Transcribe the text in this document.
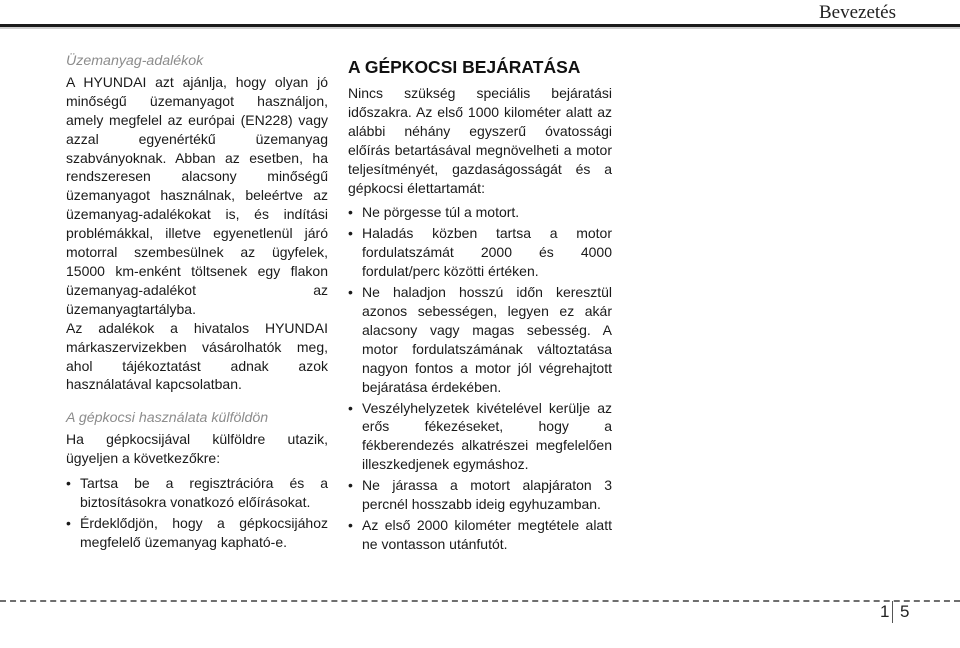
Bevezetés
Üzemanyag-adalékok

A HYUNDAI azt ajánlja, hogy olyan jó minőségű üzemanyagot használjon, amely megfelel az európai (EN228) vagy azzal egyenértékű üzemanyag szabványoknak. Abban az esetben, ha rendszeresen alacsony minőségű üzemanyagot használnak, beleértve az üzemanyag-adalékokat is, és indítási problémákkal, illetve egyenetlenül járó motorral szembesülnek az ügyfelek, 15000 km-enként töltsenek egy flakon üzemanyag-adalékot az üzemanyagtartályba.

Az adalékok a hivatalos HYUNDAI márkaszervizekben vásárolhatók meg, ahol tájékoztatást adnak azok használatával kapcsolatban.

A gépkocsi használata külföldön

Ha gépkocsijával külföldre utazik, ügyeljen a következőkre:

• Tartsa be a regisztrációra és a biztosításokra vonatkozó előírásokat.
• Érdeklődjön, hogy a gépkocsijához megfelelő üzemanyag kapható-e.
A GÉPKOCSI BEJÁRATÁSA

Nincs szükség speciális bejáratási időszakra. Az első 1000 kilométer alatt az alábbi néhány egyszerű óvatossági előírás betartásával megnövelheti a motor teljesítményét, gazdaságosságát és a gépkocsi élettartamát:

• Ne pörgesse túl a motort.
• Haladás közben tartsa a motor fordulatszámát 2000 és 4000 fordulat/perc közötti értéken.
• Ne haladjon hosszú időn keresztül azonos sebességen, legyen ez akár alacsony vagy magas sebesség. A motor fordulatszámának változtatása nagyon fontos a motor jól végrehajtott bejáratása érdekében.
• Veszélyhelyzetek kivételével kerülje az erős fékezéseket, hogy a fékberendezés alkatrészei megfelelően illeszkedjenek egymáshoz.
• Ne járassa a motort alapjáraton 3 percnél hosszabb ideig egyhuzamban.
• Az első 2000 kilométer megtétele alatt ne vontasson utánfutót.
1 5
